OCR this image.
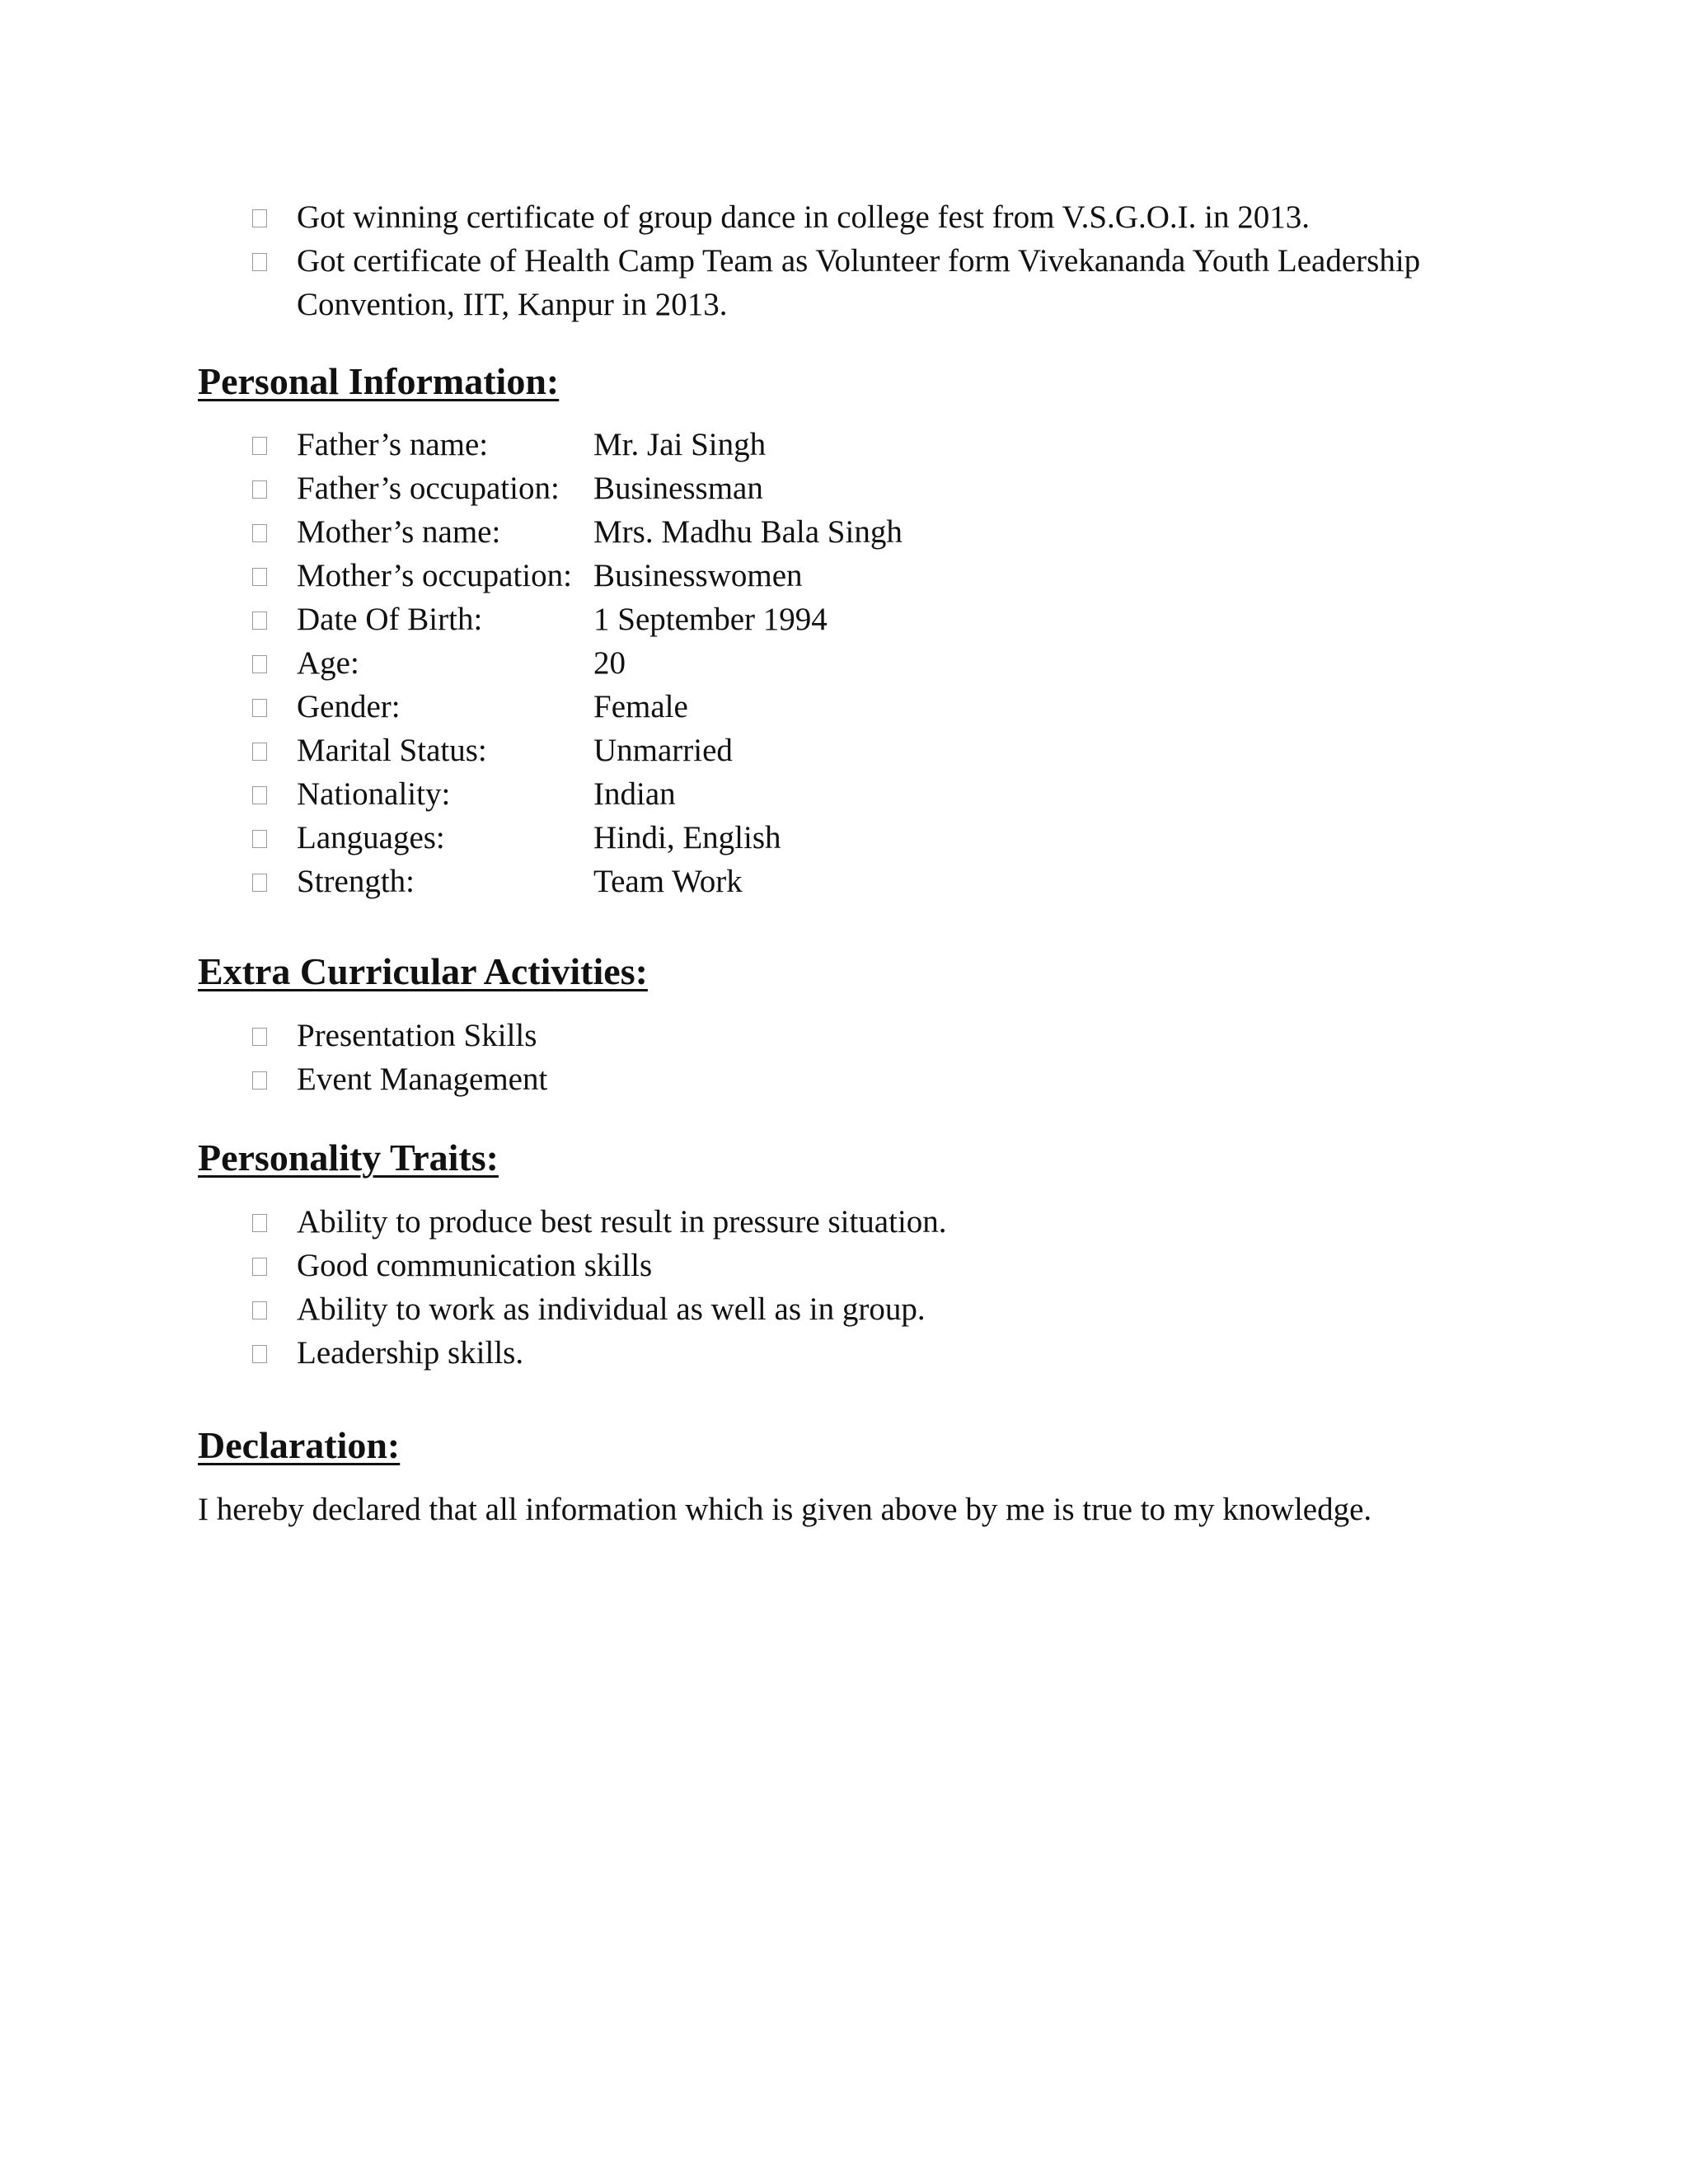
Got winning certificate of group dance in college fest from V.S.G.O.I. in 2013.
Got certificate of Health Camp Team as Volunteer form Vivekananda Youth Leadership Convention, IIT, Kanpur in 2013.
Personal Information:
Father’s name:	Mr. Jai Singh
Father’s occupation:	Businessman
Mother’s name:	Mrs. Madhu Bala Singh
Mother’s occupation: Businesswomen
Date Of Birth:	1 September 1994
Age:	20
Gender:	Female
Marital Status:	Unmarried
Nationality:	Indian
Languages:	Hindi, English
Strength:	Team Work
Extra Curricular Activities:
Presentation Skills
Event Management
Personality Traits:
Ability to produce best result in pressure situation.
Good communication skills
Ability to work as individual as well as in group.
Leadership skills.
Declaration:

I hereby declared that all information which is given above by me is true to my knowledge.
